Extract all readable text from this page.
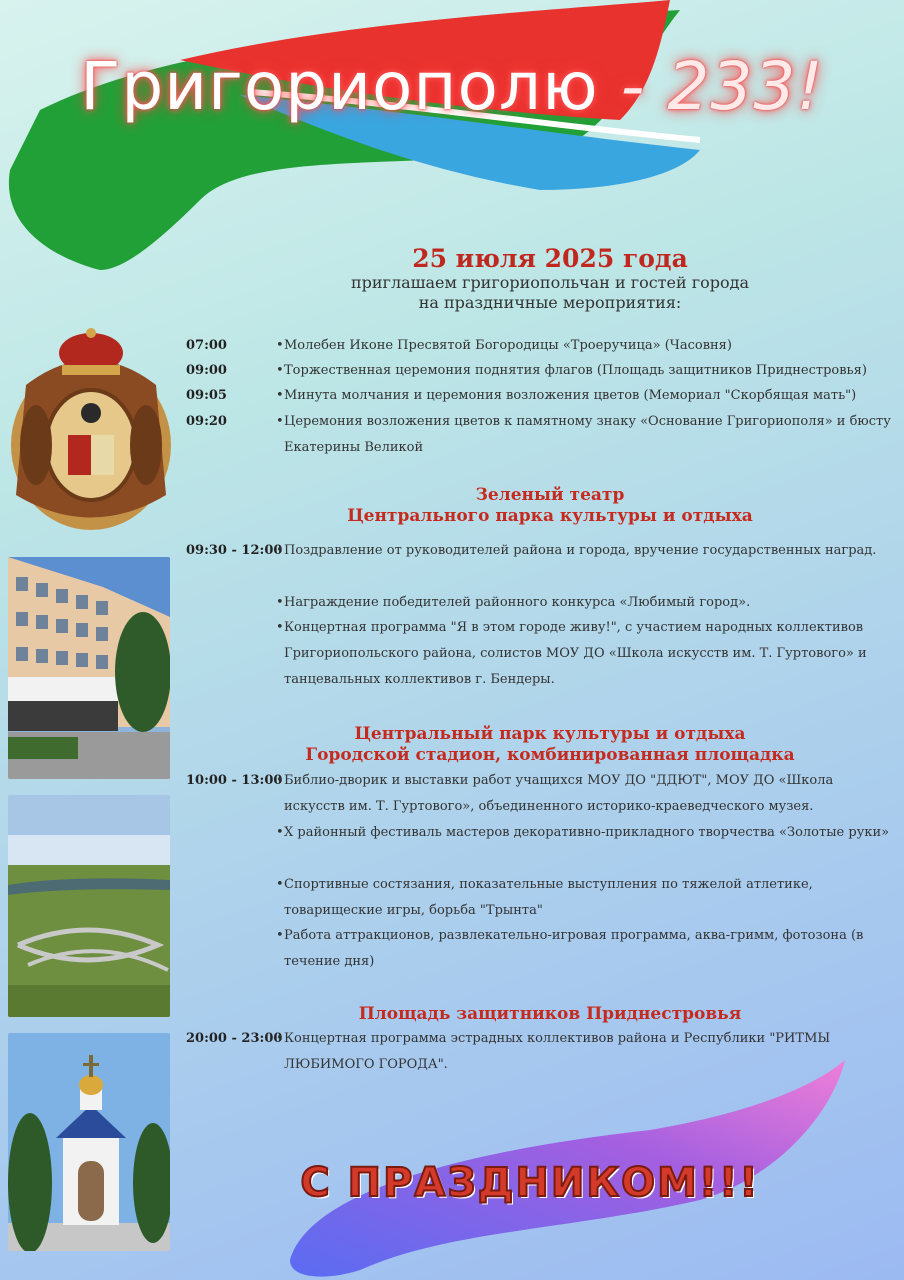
Григориополю - 233!
25 июля 2025 года
приглашаем григориопольчан и гостей города
на праздничные мероприятия:
07:00	• Молебен Иконе Пресвятой Богородицы «Троеручица» (Часовня)
09:00	• Торжественная церемония поднятия флагов (Площадь защитников Приднестровья)
09:05	• Минута молчания и церемония возложения цветов (Мемориал "Скорбящая мать")
09:20	• Церемония возложения цветов к памятному знаку «Основание Григориополя» и бюсту Екатерины Великой
Зеленый театр
Центрального парка культуры и отдыха
09:30 - 12:00 • Поздравление от руководителей района и города, вручение государственных наград.
• Награждение победителей районного конкурса «Любимый город».
• Концертная программа "Я в этом городе живу!", с участием народных коллективов Григориопольского района, солистов МОУ ДО «Школа искусств им. Т. Гуртового» и танцевальных коллективов г. Бендеры.
Центральный парк культуры и отдыха
Городской стадион, комбинированная площадка
10:00 - 13:00 • Библио-дворик и выставки работ учащихся МОУ ДО "ДДЮТ", МОУ ДО «Школа искусств им. Т. Гуртового», объединенного историко-краеведческого музея.
• X районный фестиваль мастеров декоративно-прикладного творчества «Золотые руки»
• Спортивные состязания, показательные выступления по тяжелой атлетике, товарищеские игры, борьба "Трынта"
• Работа аттракционов, развлекательно-игровая программа, аква-гримм, фотозона (в течение дня)
Площадь защитников Приднестровья
20:00 - 23:00 • Концертная программа эстрадных коллективов района и Республики "РИТМЫ ЛЮБИМОГО ГОРОДА".
С ПРАЗДНИКОМ!!!
